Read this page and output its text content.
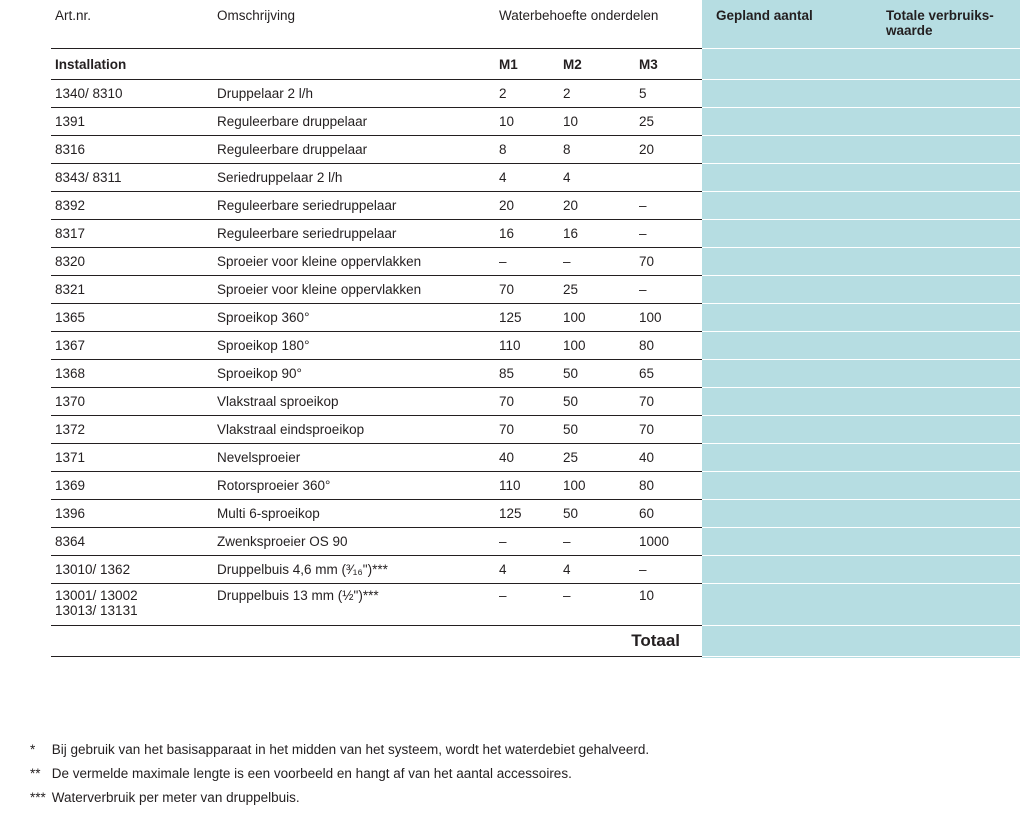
Art.nr.	Omschrijving	Waterbehoefte onderdelen			Gepland aantal	Totale verbruiks-
waarde

Installation		M1	M2	M3		
1340/ 8310	Druppelaar 2 l/h	2	2	5		
1391	Reguleerbare druppelaar	10	10	25		
8316	Reguleerbare druppelaar	8	8	20		
8343/ 8311	Seriedruppelaar 2 l/h	4	4			
8392	Reguleerbare seriedruppelaar	20	20	–		
8317	Reguleerbare seriedruppelaar	16	16	–		
8320	Sproeier voor kleine oppervlakken	–	–	70		
8321	Sproeier voor kleine oppervlakken	70	25	–		
1365	Sproeikop 360°	125	100	100		
1367	Sproeikop 180°	110	100	80		
1368	Sproeikop 90°	85	50	65		
1370	Vlakstraal sproeikop	70	50	70		
1372	Vlakstraal eindsproeikop	70	50	70		
1371	Nevelsproeier	40	25	40		
1369	Rotorsproeier 360°	110	100	80		
1396	Multi 6-sproeikop	125	50	60		
8364	Zwenksproeier OS 90	–	–	1000		
13010/ 1362	Druppelbuis 4,6 mm (³⁄₁₆")***	4	4	–		

13001/ 13002
13013/ 13131	Druppelbuis 13 mm (½")***	–	–	10		
Totaal						
* Bij gebruik van het basisapparaat in het midden van het systeem, wordt het waterdebiet gehalveerd.
** De vermelde maximale lengte is een voorbeeld en hangt af van het aantal accessoires.
*** Waterverbruik per meter van druppelbuis.
